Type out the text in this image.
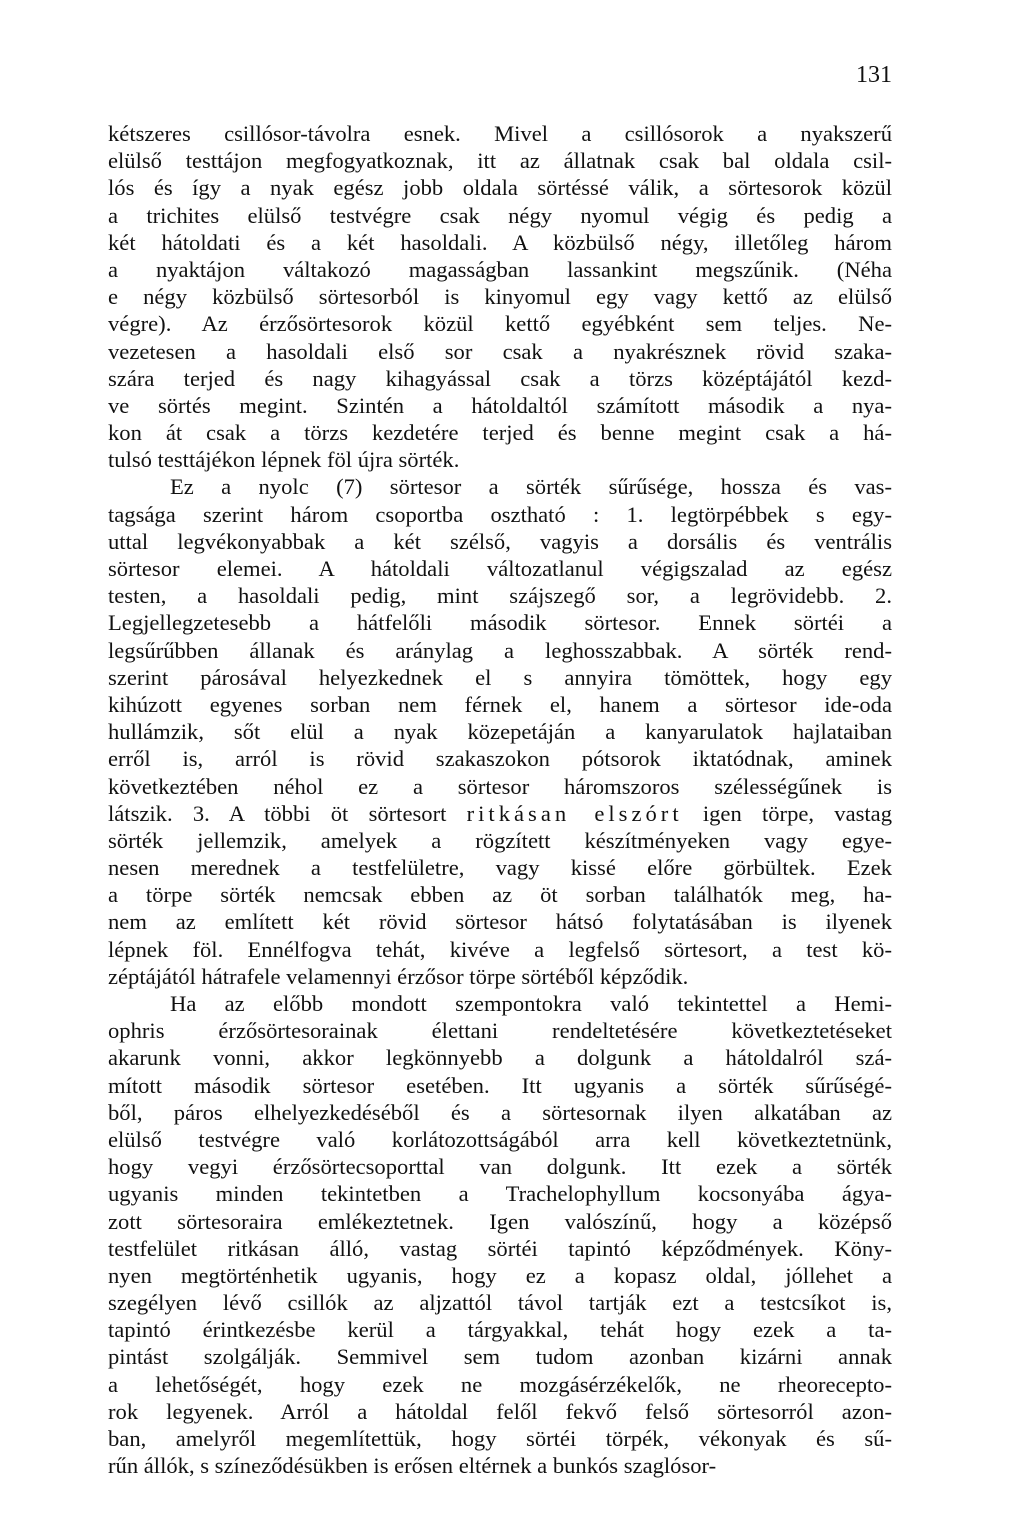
131
kétszeres csillósor-távolra esnek. Mivel a csillósorok a nyakszerű
elülső testtájon megfogyatkoznak, itt az állatnak csak bal oldala csil-
lós és így a nyak egész jobb oldala sörtéssé válik, a sörtesorok közül
a trichites elülső testvégre csak négy nyomul végig és pedig a
két hátoldati és a két hasoldali. A közbülső négy, illetőleg három
a nyaktájon váltakozó magasságban lassankint megszűnik. (Néha
e négy közbülső sörtesorból is kinyomul egy vagy kettő az elülső
végre). Az érzősörtesorok közül kettő egyébként sem teljes. Ne-
vezetesen a hasoldali első sor csak a nyakrésznek rövid szaka-
szára terjed és nagy kihagyással csak a törzs középtájától kezd-
ve sörtés megint. Szintén a hátoldaltól számított második a nya-
kon át csak a törzs kezdetére terjed és benne megint csak a há-
tulsó testtájékon lépnek föl újra sörték.
Ez a nyolc (7) sörtesor a sörték sűrűsége, hossza és vas-
tagsága szerint három csoportba osztható : 1. legtörpébbek s egy-
uttal legvékonyabbak a két szélső, vagyis a dorsális és ventrális
sörtesor elemei. A hátoldali változatlanul végigszalad az egész
testen, a hasoldali pedig, mint szájszegő sor, a legrövidebb. 2.
Legjellegzetesebb a hátfelőli második sörtesor. Ennek sörtéi a
legsűrűbben állanak és aránylag a leghosszabbak. A sörték rend-
szerint párosával helyezkednek el s annyira tömöttek, hogy egy
kihúzott egyenes sorban nem férnek el, hanem a sörtesor ide-oda
hullámzik, sőt elül a nyak közepetáján a kanyarulatok hajlataiban
erről is, arról is rövid szakaszokon pótsorok iktatódnak, aminek
következtében néhol ez a sörtesor háromszoros szélességűnek is
látszik. 3. A többi öt sörtesort ritkásan elszórt igen törpe, vastag
sörték jellemzik, amelyek a rögzített készítményeken vagy egye-
nesen merednek a testfelületre, vagy kissé előre görbültek. Ezek
a törpe sörték nemcsak ebben az öt sorban találhatók meg, ha-
nem az említett két rövid sörtesor hátsó folytatásában is ilyenek
lépnek föl. Ennélfogva tehát, kivéve a legfelső sörtesort, a test kö-
zéptájától hátrafele velamennyi érzősor törpe sörtéből képződik.
Ha az előbb mondott szempontokra való tekintettel a Hemi-
ophris érzősörtesorainak élettani rendeltetésére következtetéseket
akarunk vonni, akkor legkönnyebb a dolgunk a hátoldalról szá-
mított második sörtesor esetében. Itt ugyanis a sörték sűrűségé-
ből, páros elhelyezkedéséből és a sörtesornak ilyen alkatában az
elülső testvégre való korlátozottságából arra kell következtetnünk,
hogy vegyi érzősörtecsoporttal van dolgunk. Itt ezek a sörték
ugyanis minden tekintetben a Trachelophyllum kocsonyába ágya-
zott sörtesoraira emlékeztetnek. Igen valószínű, hogy a középső
testfelület ritkásan álló, vastag sörtéi tapintó képződmények. Köny-
nyen megtörténhetik ugyanis, hogy ez a kopasz oldal, jóllehet a
szegélyen lévő csillók az aljzattól távol tartják ezt a testcsíkot is,
tapintó érintkezésbe kerül a tárgyakkal, tehát hogy ezek a ta-
pintást szolgálják. Semmivel sem tudom azonban kizárni annak
a lehetőségét, hogy ezek ne mozgásérzékelők, ne rheoreceptо-
rok legyenek. Arról a hátoldal felől fekvő felső sörtesorról azon-
ban, amelyről megemlítettük, hogy sörtéi törpék, vékonyak és sű-
rűn állók, s színeződésükben is erősen eltérnek a bunkós szaglósor-
